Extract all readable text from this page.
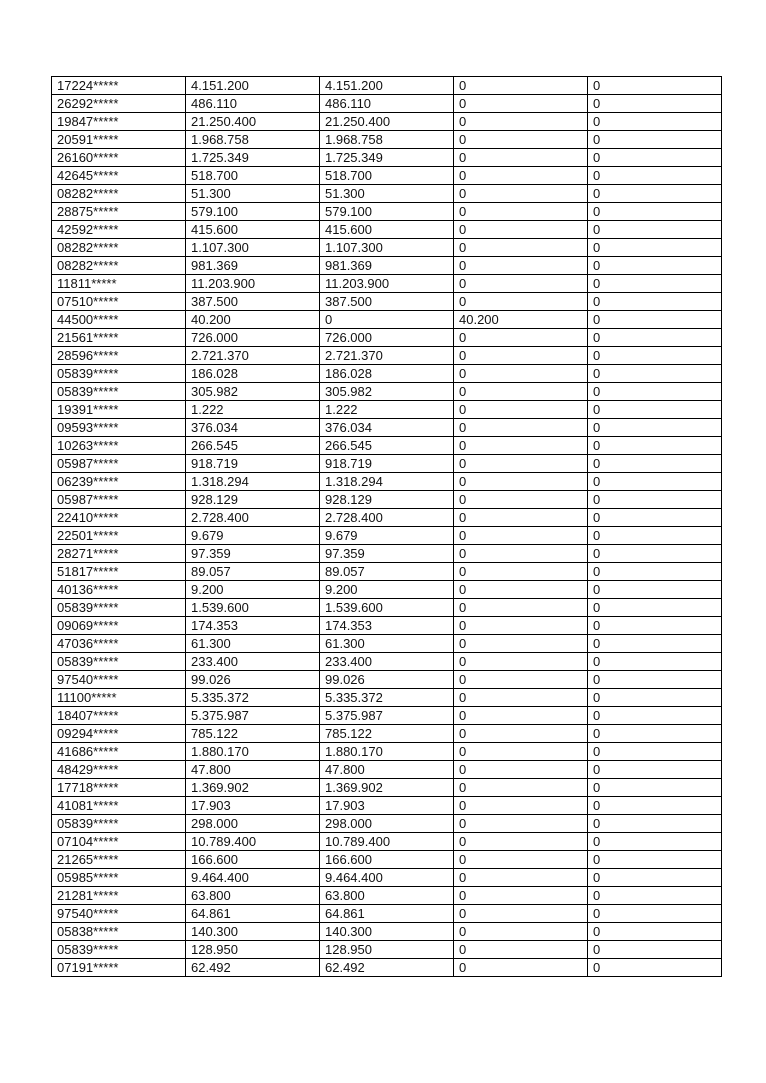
17224*****	4.151.200	4.151.200	0	0
26292*****	486.110	486.110	0	0
19847*****	21.250.400	21.250.400	0	0
20591*****	1.968.758	1.968.758	0	0
26160*****	1.725.349	1.725.349	0	0
42645*****	518.700	518.700	0	0
08282*****	51.300	51.300	0	0
28875*****	579.100	579.100	0	0
42592*****	415.600	415.600	0	0
08282*****	1.107.300	1.107.300	0	0
08282*****	981.369	981.369	0	0
11811*****	11.203.900	11.203.900	0	0
07510*****	387.500	387.500	0	0
44500*****	40.200	0	40.200	0
21561*****	726.000	726.000	0	0
28596*****	2.721.370	2.721.370	0	0
05839*****	186.028	186.028	0	0
05839*****	305.982	305.982	0	0
19391*****	1.222	1.222	0	0
09593*****	376.034	376.034	0	0
10263*****	266.545	266.545	0	0
05987*****	918.719	918.719	0	0
06239*****	1.318.294	1.318.294	0	0
05987*****	928.129	928.129	0	0
22410*****	2.728.400	2.728.400	0	0
22501*****	9.679	9.679	0	0
28271*****	97.359	97.359	0	0
51817*****	89.057	89.057	0	0
40136*****	9.200	9.200	0	0
05839*****	1.539.600	1.539.600	0	0
09069*****	174.353	174.353	0	0
47036*****	61.300	61.300	0	0
05839*****	233.400	233.400	0	0
97540*****	99.026	99.026	0	0
11100*****	5.335.372	5.335.372	0	0
18407*****	5.375.987	5.375.987	0	0
09294*****	785.122	785.122	0	0
41686*****	1.880.170	1.880.170	0	0
48429*****	47.800	47.800	0	0
17718*****	1.369.902	1.369.902	0	0
41081*****	17.903	17.903	0	0
05839*****	298.000	298.000	0	0
07104*****	10.789.400	10.789.400	0	0
21265*****	166.600	166.600	0	0
05985*****	9.464.400	9.464.400	0	0
21281*****	63.800	63.800	0	0
97540*****	64.861	64.861	0	0
05838*****	140.300	140.300	0	0
05839*****	128.950	128.950	0	0
07191*****	62.492	62.492	0	0
